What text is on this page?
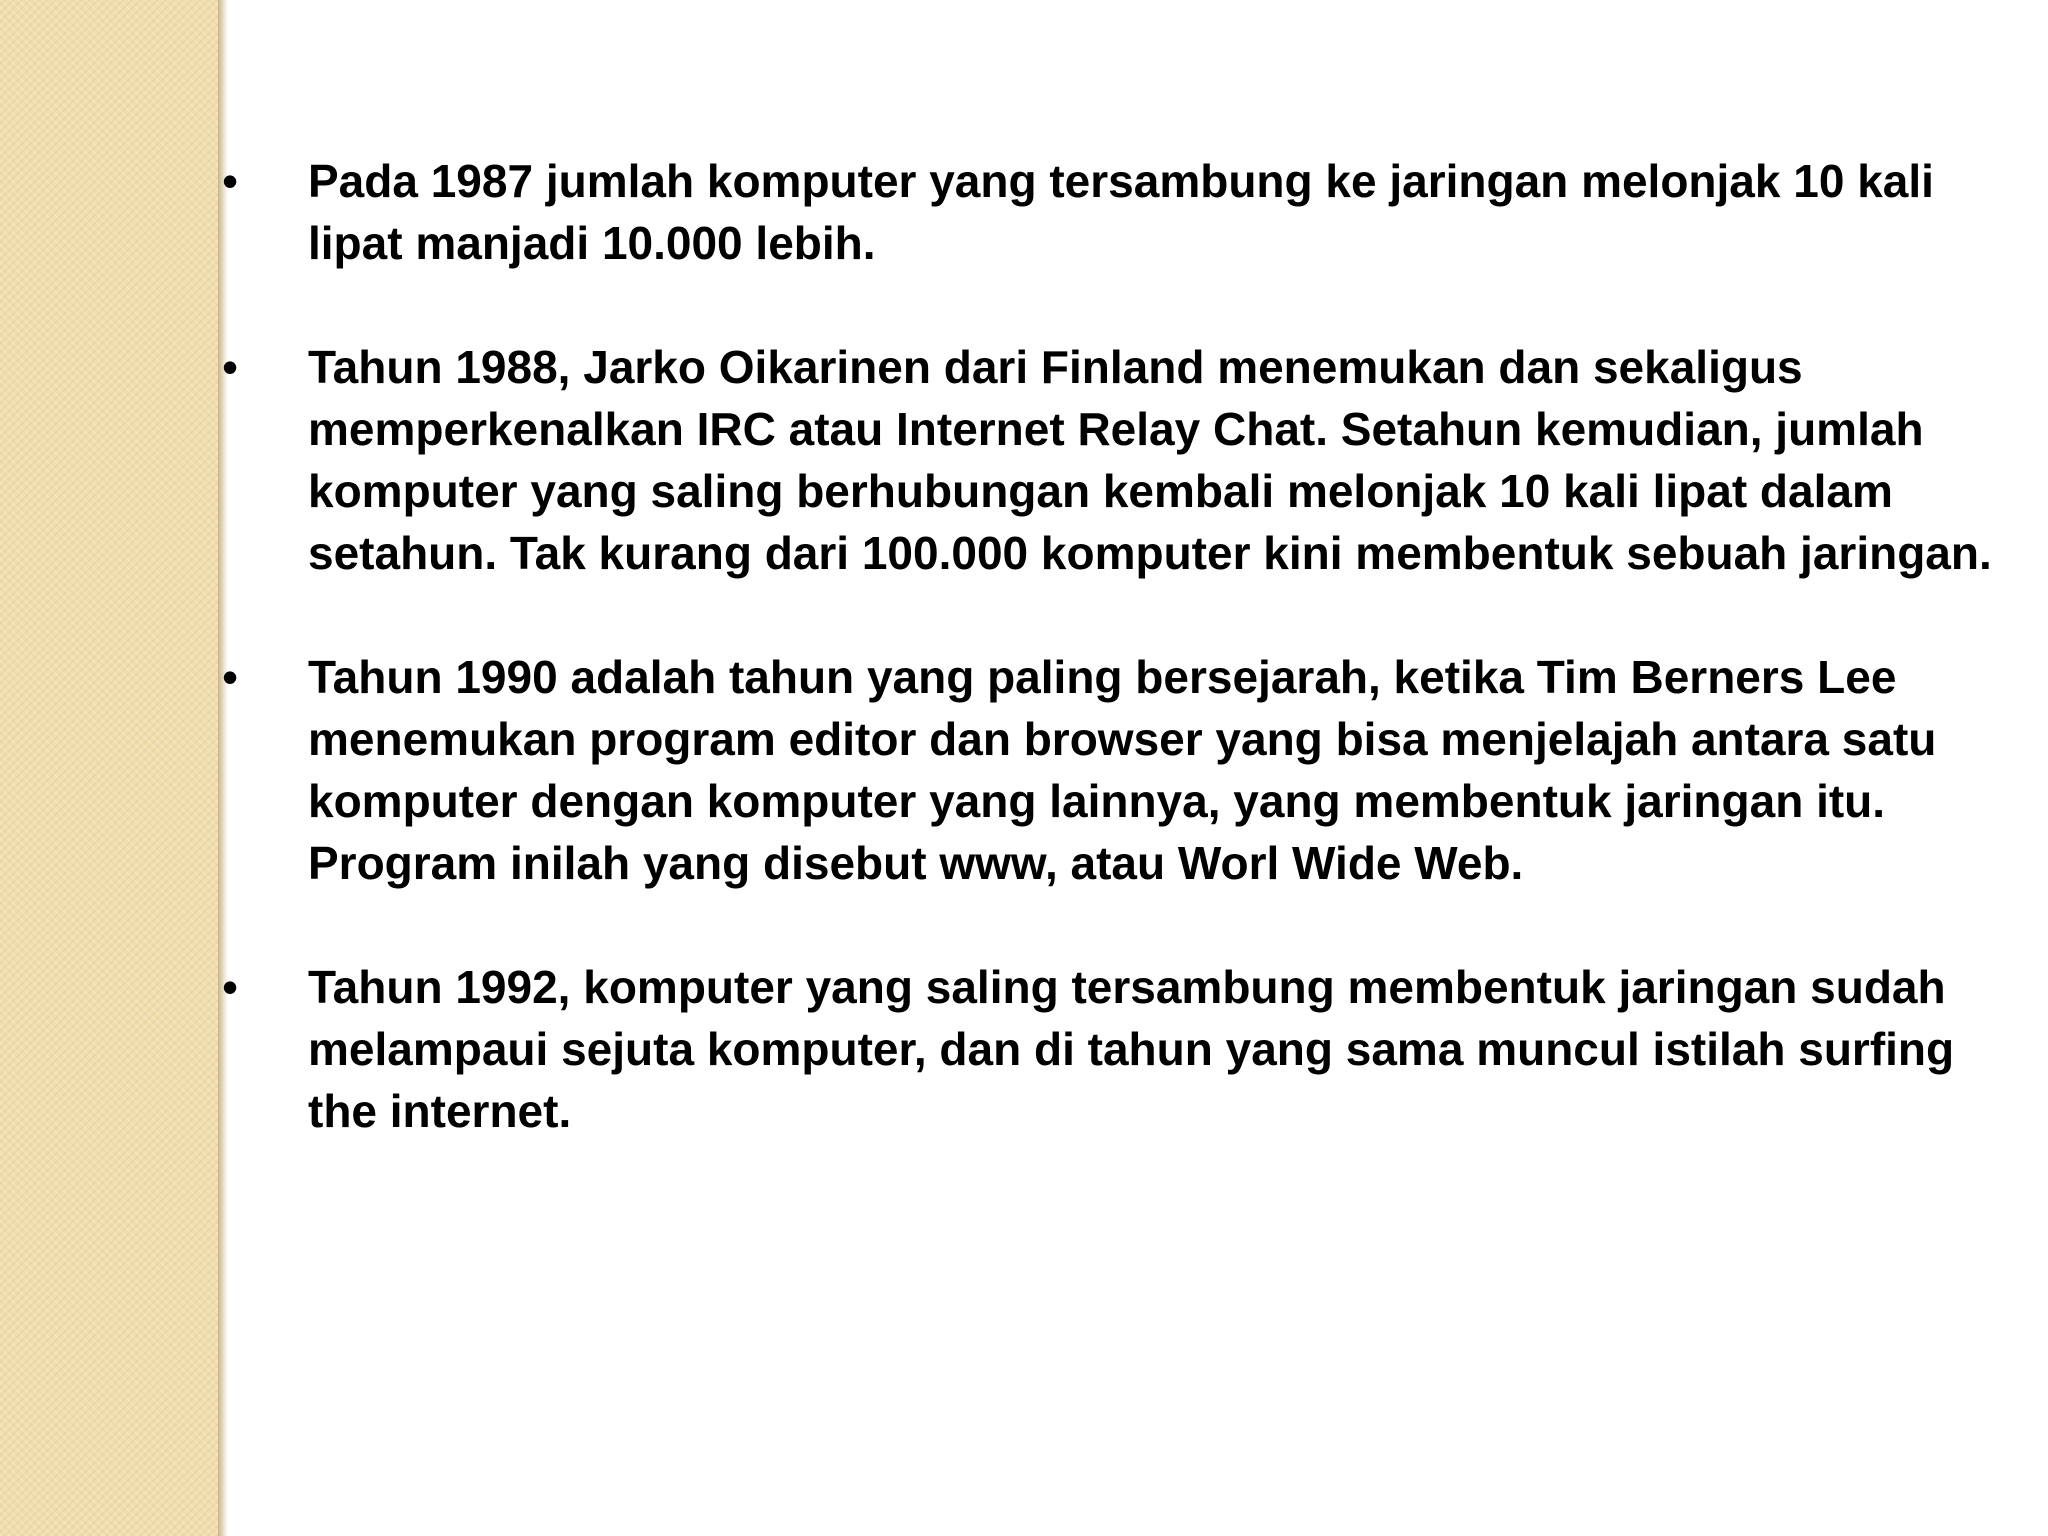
• Pada 1987 jumlah komputer yang tersambung ke jaringan melonjak 10 kali lipat manjadi 10.000 lebih.
• Tahun 1988, Jarko Oikarinen dari Finland menemukan dan sekaligus memperkenalkan IRC atau Internet Relay Chat. Setahun kemudian, jumlah komputer yang saling berhubungan kembali melonjak 10 kali lipat dalam setahun. Tak kurang dari 100.000 komputer kini membentuk sebuah jaringan.
• Tahun 1990 adalah tahun yang paling bersejarah, ketika Tim Berners Lee menemukan program editor dan browser yang bisa menjelajah antara satu komputer dengan komputer yang lainnya, yang membentuk jaringan itu. Program inilah yang disebut www, atau Worl Wide Web.
• Tahun 1992, komputer yang saling tersambung membentuk jaringan sudah melampaui sejuta komputer, dan di tahun yang sama muncul istilah surfing the internet.
